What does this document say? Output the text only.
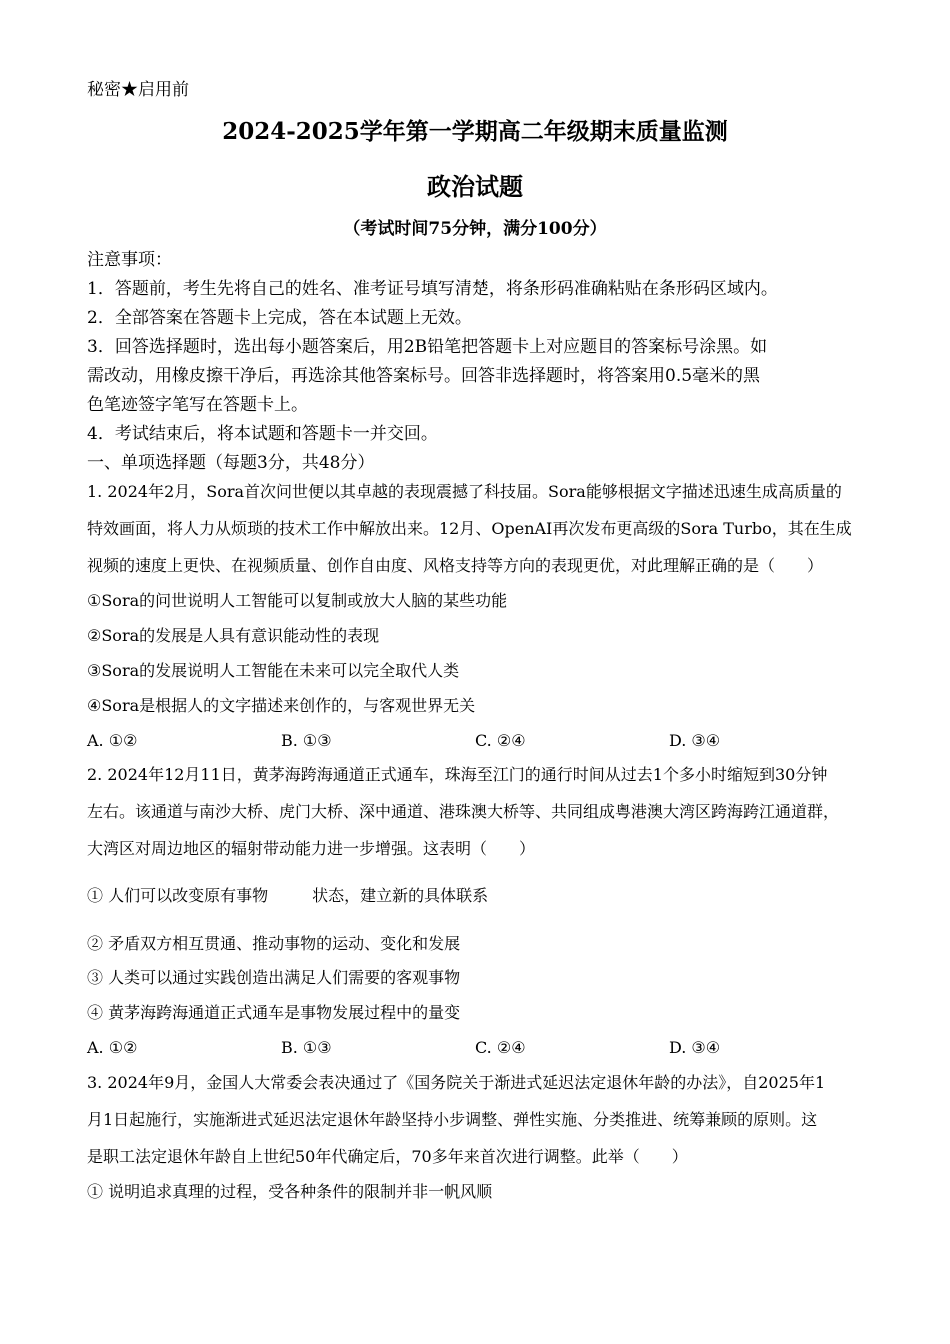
秘密★启用前
2024-2025学年第一学期高二年级期末质量监测
政治试题
（考试时间75分钟，满分100分）
注意事项：
1．答题前，考生先将自己的姓名、准考证号填写清楚，将条形码准确粘贴在条形码区域内。
2．全部答案在答题卡上完成，答在本试题上无效。
3．回答选择题时，选出每小题答案后，用2B铅笔把答题卡上对应题目的答案标号涂黑。如
需改动，用橡皮擦干净后，再选涂其他答案标号。回答非选择题时，将答案用0.5毫米的黑
色笔迹签字笔写在答题卡上。
4．考试结束后，将本试题和答题卡一并交回。
一、单项选择题（每题3分，共48分）
1. 2024年2月，Sora首次问世便以其卓越的表现震撼了科技届。Sora能够根据文字描述迅速生成高质量的
特效画面，将人力从烦琐的技术工作中解放出来。12月、OpenAI再次发布更高级的Sora Turbo，其在生成
视频的速度上更快、在视频质量、创作自由度、风格支持等方向的表现更优，对此理解正确的是（　　）
①Sora的问世说明人工智能可以复制或放大人脑的某些功能
②Sora的发展是人具有意识能动性的表现
③Sora的发展说明人工智能在未来可以完全取代人类
④Sora是根据人的文字描述来创作的，与客观世界无关
A. ①②	B. ①③	C. ②④	D. ③④
2. 2024年12月11日，黄茅海跨海通道正式通车，珠海至江门的通行时间从过去1个多小时缩短到30分钟
左右。该通道与南沙大桥、虎门大桥、深中通道、港珠澳大桥等、共同组成粤港澳大湾区跨海跨江通道群，
大湾区对周边地区的辐射带动能力进一步增强。这表明（　　）
① 人们可以改变原有事物	状态，建立新的具体联系
② 矛盾双方相互贯通、推动事物的运动、变化和发展
③ 人类可以通过实践创造出满足人们需要的客观事物
④ 黄茅海跨海通道正式通车是事物发展过程中的量变
A. ①②	B. ①③	C. ②④	D. ③④
3. 2024年9月，金国人大常委会表决通过了《国务院关于渐进式延迟法定退休年龄的办法》，自2025年1
月1日起施行，实施渐进式延迟法定退休年龄坚持小步调整、弹性实施、分类推进、统筹兼顾的原则。这
是职工法定退休年龄自上世纪50年代确定后，70多年来首次进行调整。此举（　　）
① 说明追求真理的过程，受各种条件的限制并非一帆风顺
